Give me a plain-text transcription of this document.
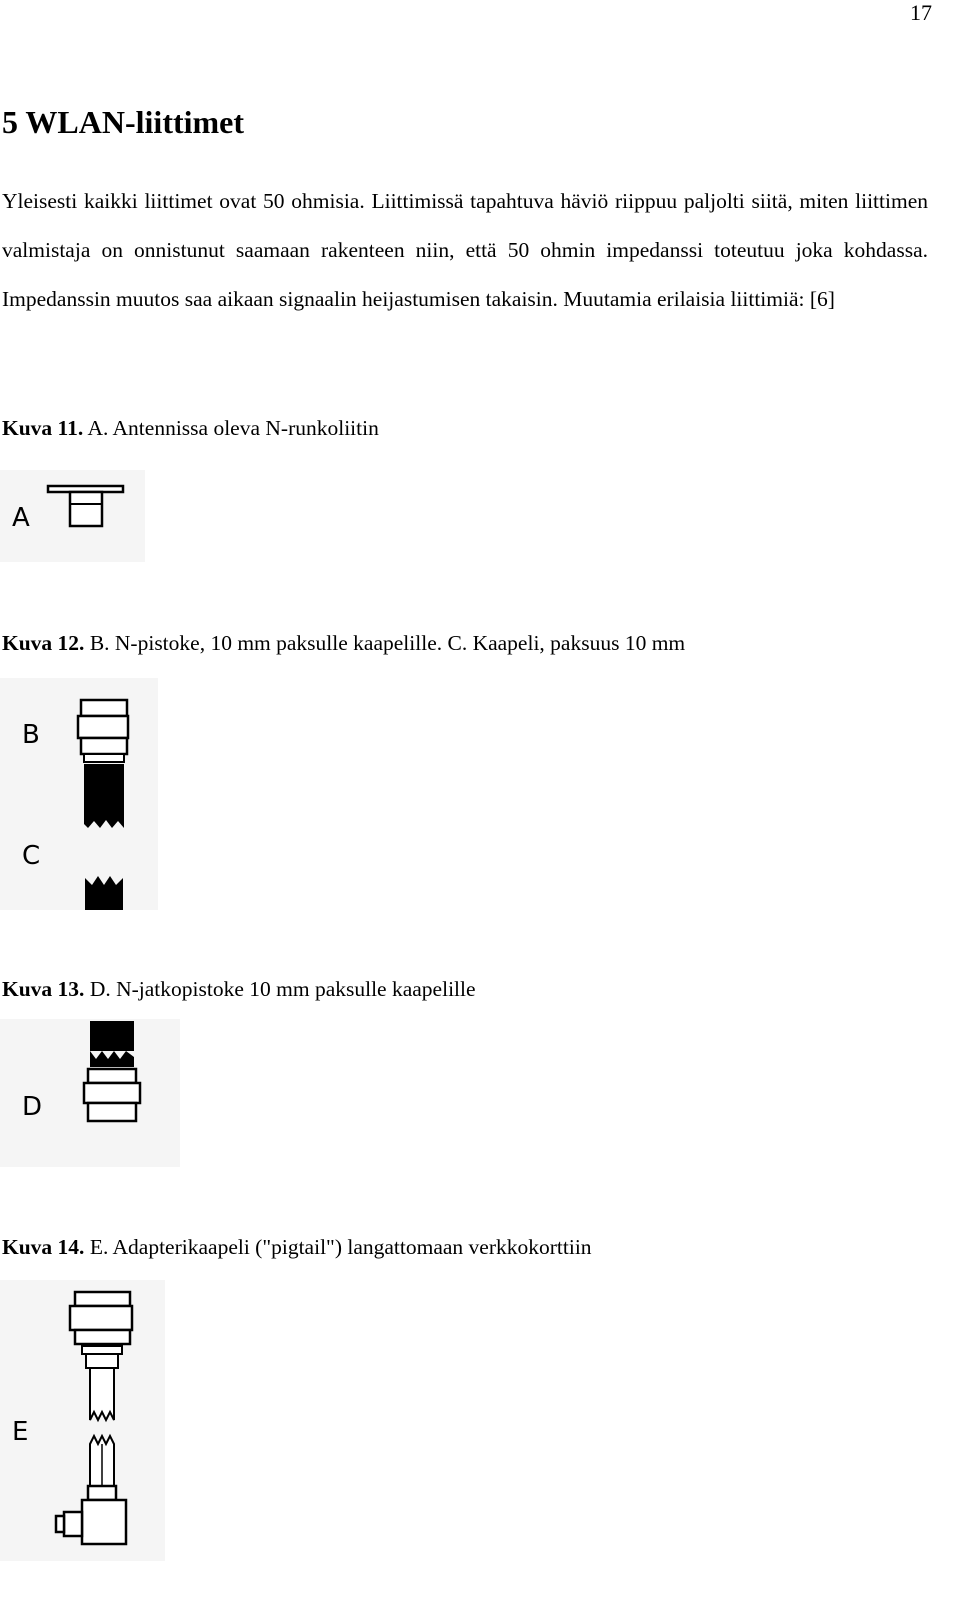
17
5 WLAN-liittimet

Yleisesti kaikki liittimet ovat 50 ohmisia. Liittimissä tapahtuva häviö riippuu paljolti siitä, miten liittimen valmistaja on onnistunut saamaan rakenteen niin, että 50 ohmin impedanssi toteutuu joka kohdassa. Impedanssin muutos saa aikaan signaalin heijastumisen takaisin. Muutamia erilaisia liittimiä: [6]

Kuva 11. A. Antennissa oleva N-runkoliitin

A

Kuva 12. B. N-pistoke, 10 mm paksulle kaapelille. C. Kaapeli, paksuus 10 mm

B
C

Kuva 13. D. N-jatkopistoke 10 mm paksulle kaapelille

D

Kuva 14. E. Adapterikaapeli ("pigtail") langattomaan verkkokorttiin

E
